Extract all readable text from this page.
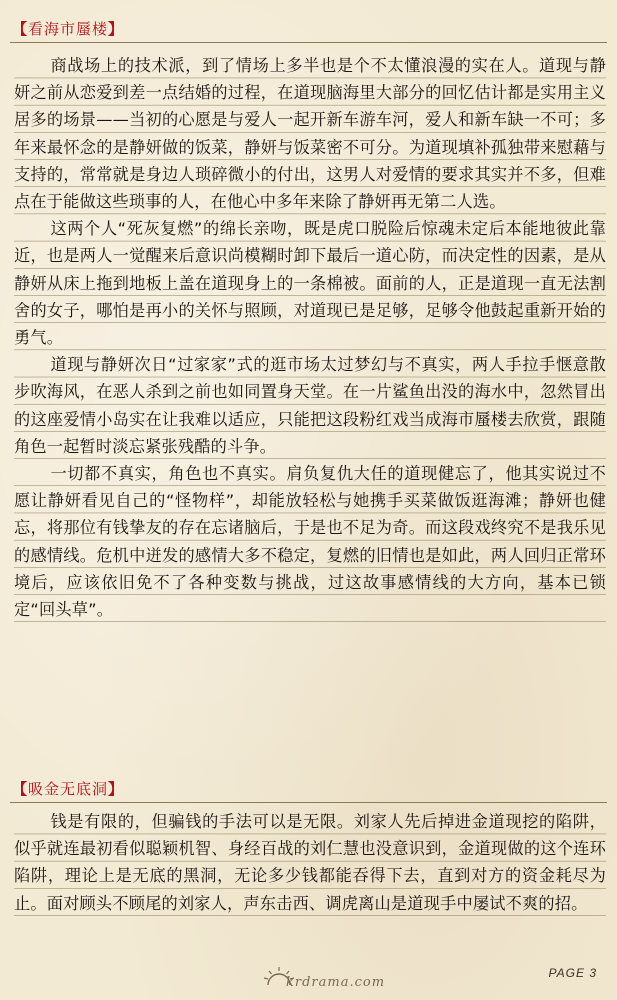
【看海市蜃楼】

商战场上的技术派，到了情场上多半也是个不太懂浪漫的实在人。道现与静妍之前从恋爱到差一点结婚的过程，在道现脑海里大部分的回忆估计都是实用主义居多的场景——当初的心愿是与爱人一起开新车游车河，爱人和新车缺一不可；多年来最怀念的是静妍做的饭菜，静妍与饭菜密不可分。为道现填补孤独带来慰藉与支持的，常常就是身边人琐碎微小的付出，这男人对爱情的要求其实并不多，但难点在于能做这些琐事的人，在他心中多年来除了静妍再无第二人选。

这两个人“死灰复燃”的绵长亲吻，既是虎口脱险后惊魂未定后本能地彼此靠近，也是两人一觉醒来后意识尚模糊时卸下最后一道心防，而决定性的因素，是从静妍从床上拖到地板上盖在道现身上的一条棉被。面前的人，正是道现一直无法割舍的女子，哪怕是再小的关怀与照顾，对道现已是足够，足够令他鼓起重新开始的勇气。

道现与静妍次日“过家家”式的逛市场太过梦幻与不真实，两人手拉手惬意散步吹海风，在恶人杀到之前也如同置身天堂。在一片鲨鱼出没的海水中，忽然冒出的这座爱情小岛实在让我难以适应，只能把这段粉红戏当成海市蜃楼去欣赏，跟随角色一起暂时淡忘紧张残酷的斗争。

一切都不真实，角色也不真实。肩负复仇大任的道现健忘了，他其实说过不愿让静妍看见自己的“怪物样”，却能放轻松与她携手买菜做饭逛海滩；静妍也健忘，将那位有钱挚友的存在忘诸脑后，于是也不足为奇。而这段戏终究不是我乐见的感情线。危机中迸发的感情大多不稳定，复燃的旧情也是如此，两人回归正常环境后，应该依旧免不了各种变数与挑战，过这故事感情线的大方向，基本已锁定“回头草”。

【吸金无底洞】

钱是有限的，但骗钱的手法可以是无限。刘家人先后掉进金道现挖的陷阱，似乎就连最初看似聪颖机智、身经百战的刘仁慧也没意识到，金道现做的这个连环陷阱，理论上是无底的黑洞，无论多少钱都能吞得下去，直到对方的资金耗尽为止。面对顾头不顾尾的刘家人，声东击西、调虎离山是道现手中屡试不爽的招。

krdrama.com
PAGE 3
